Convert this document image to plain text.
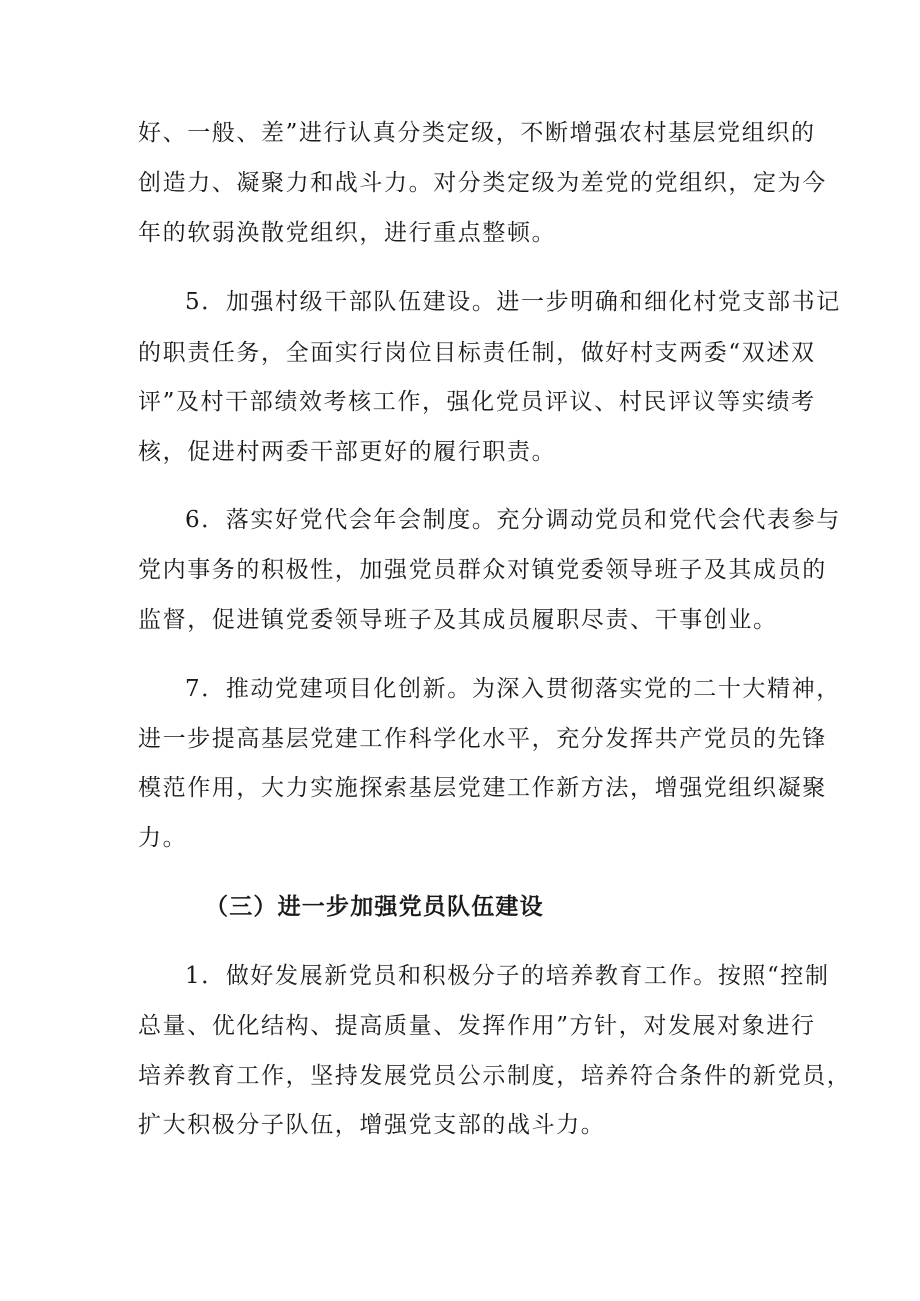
好、一般、差”进行认真分类定级，不断增强农村基层党组织的
创造力、凝聚力和战斗力。对分类定级为差党的党组织，定为今
年的软弱涣散党组织，进行重点整顿。
5．加强村级干部队伍建设。进一步明确和细化村党支部书记
的职责任务，全面实行岗位目标责任制，做好村支两委“双述双
评”及村干部绩效考核工作，强化党员评议、村民评议等实绩考
核，促进村两委干部更好的履行职责。
6．落实好党代会年会制度。充分调动党员和党代会代表参与
党内事务的积极性，加强党员群众对镇党委领导班子及其成员的
监督，促进镇党委领导班子及其成员履职尽责、干事创业。
7．推动党建项目化创新。为深入贯彻落实党的二十大精神，
进一步提高基层党建工作科学化水平，充分发挥共产党员的先锋
模范作用，大力实施探索基层党建工作新方法，增强党组织凝聚
力。
（三）进一步加强党员队伍建设
1．做好发展新党员和积极分子的培养教育工作。按照“控制
总量、优化结构、提高质量、发挥作用”方针，对发展对象进行
培养教育工作，坚持发展党员公示制度，培养符合条件的新党员，
扩大积极分子队伍，增强党支部的战斗力。
